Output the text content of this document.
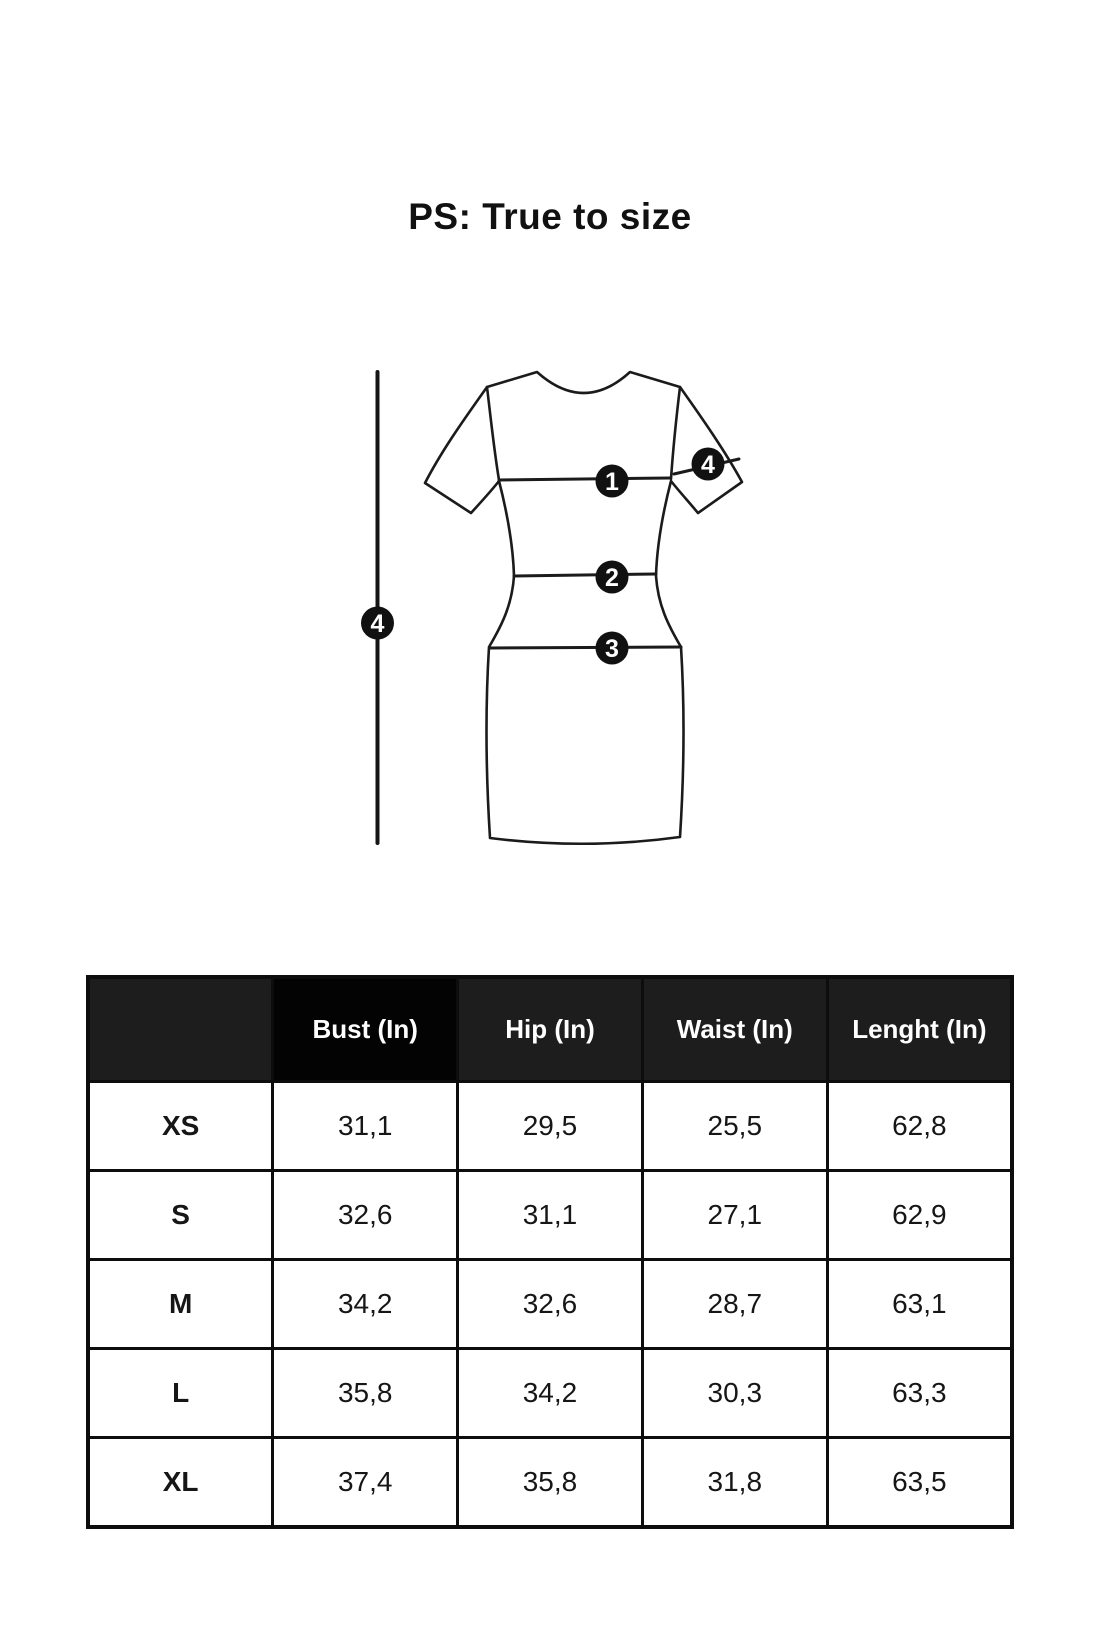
PS: True to size
1
2
3
4
4
	Bust (In)	Hip (In)	Waist (In)	Lenght (In)
XS	31,1	29,5	25,5	62,8
S	32,6	31,1	27,1	62,9
M	34,2	32,6	28,7	63,1
L	35,8	34,2	30,3	63,3
XL	37,4	35,8	31,8	63,5
